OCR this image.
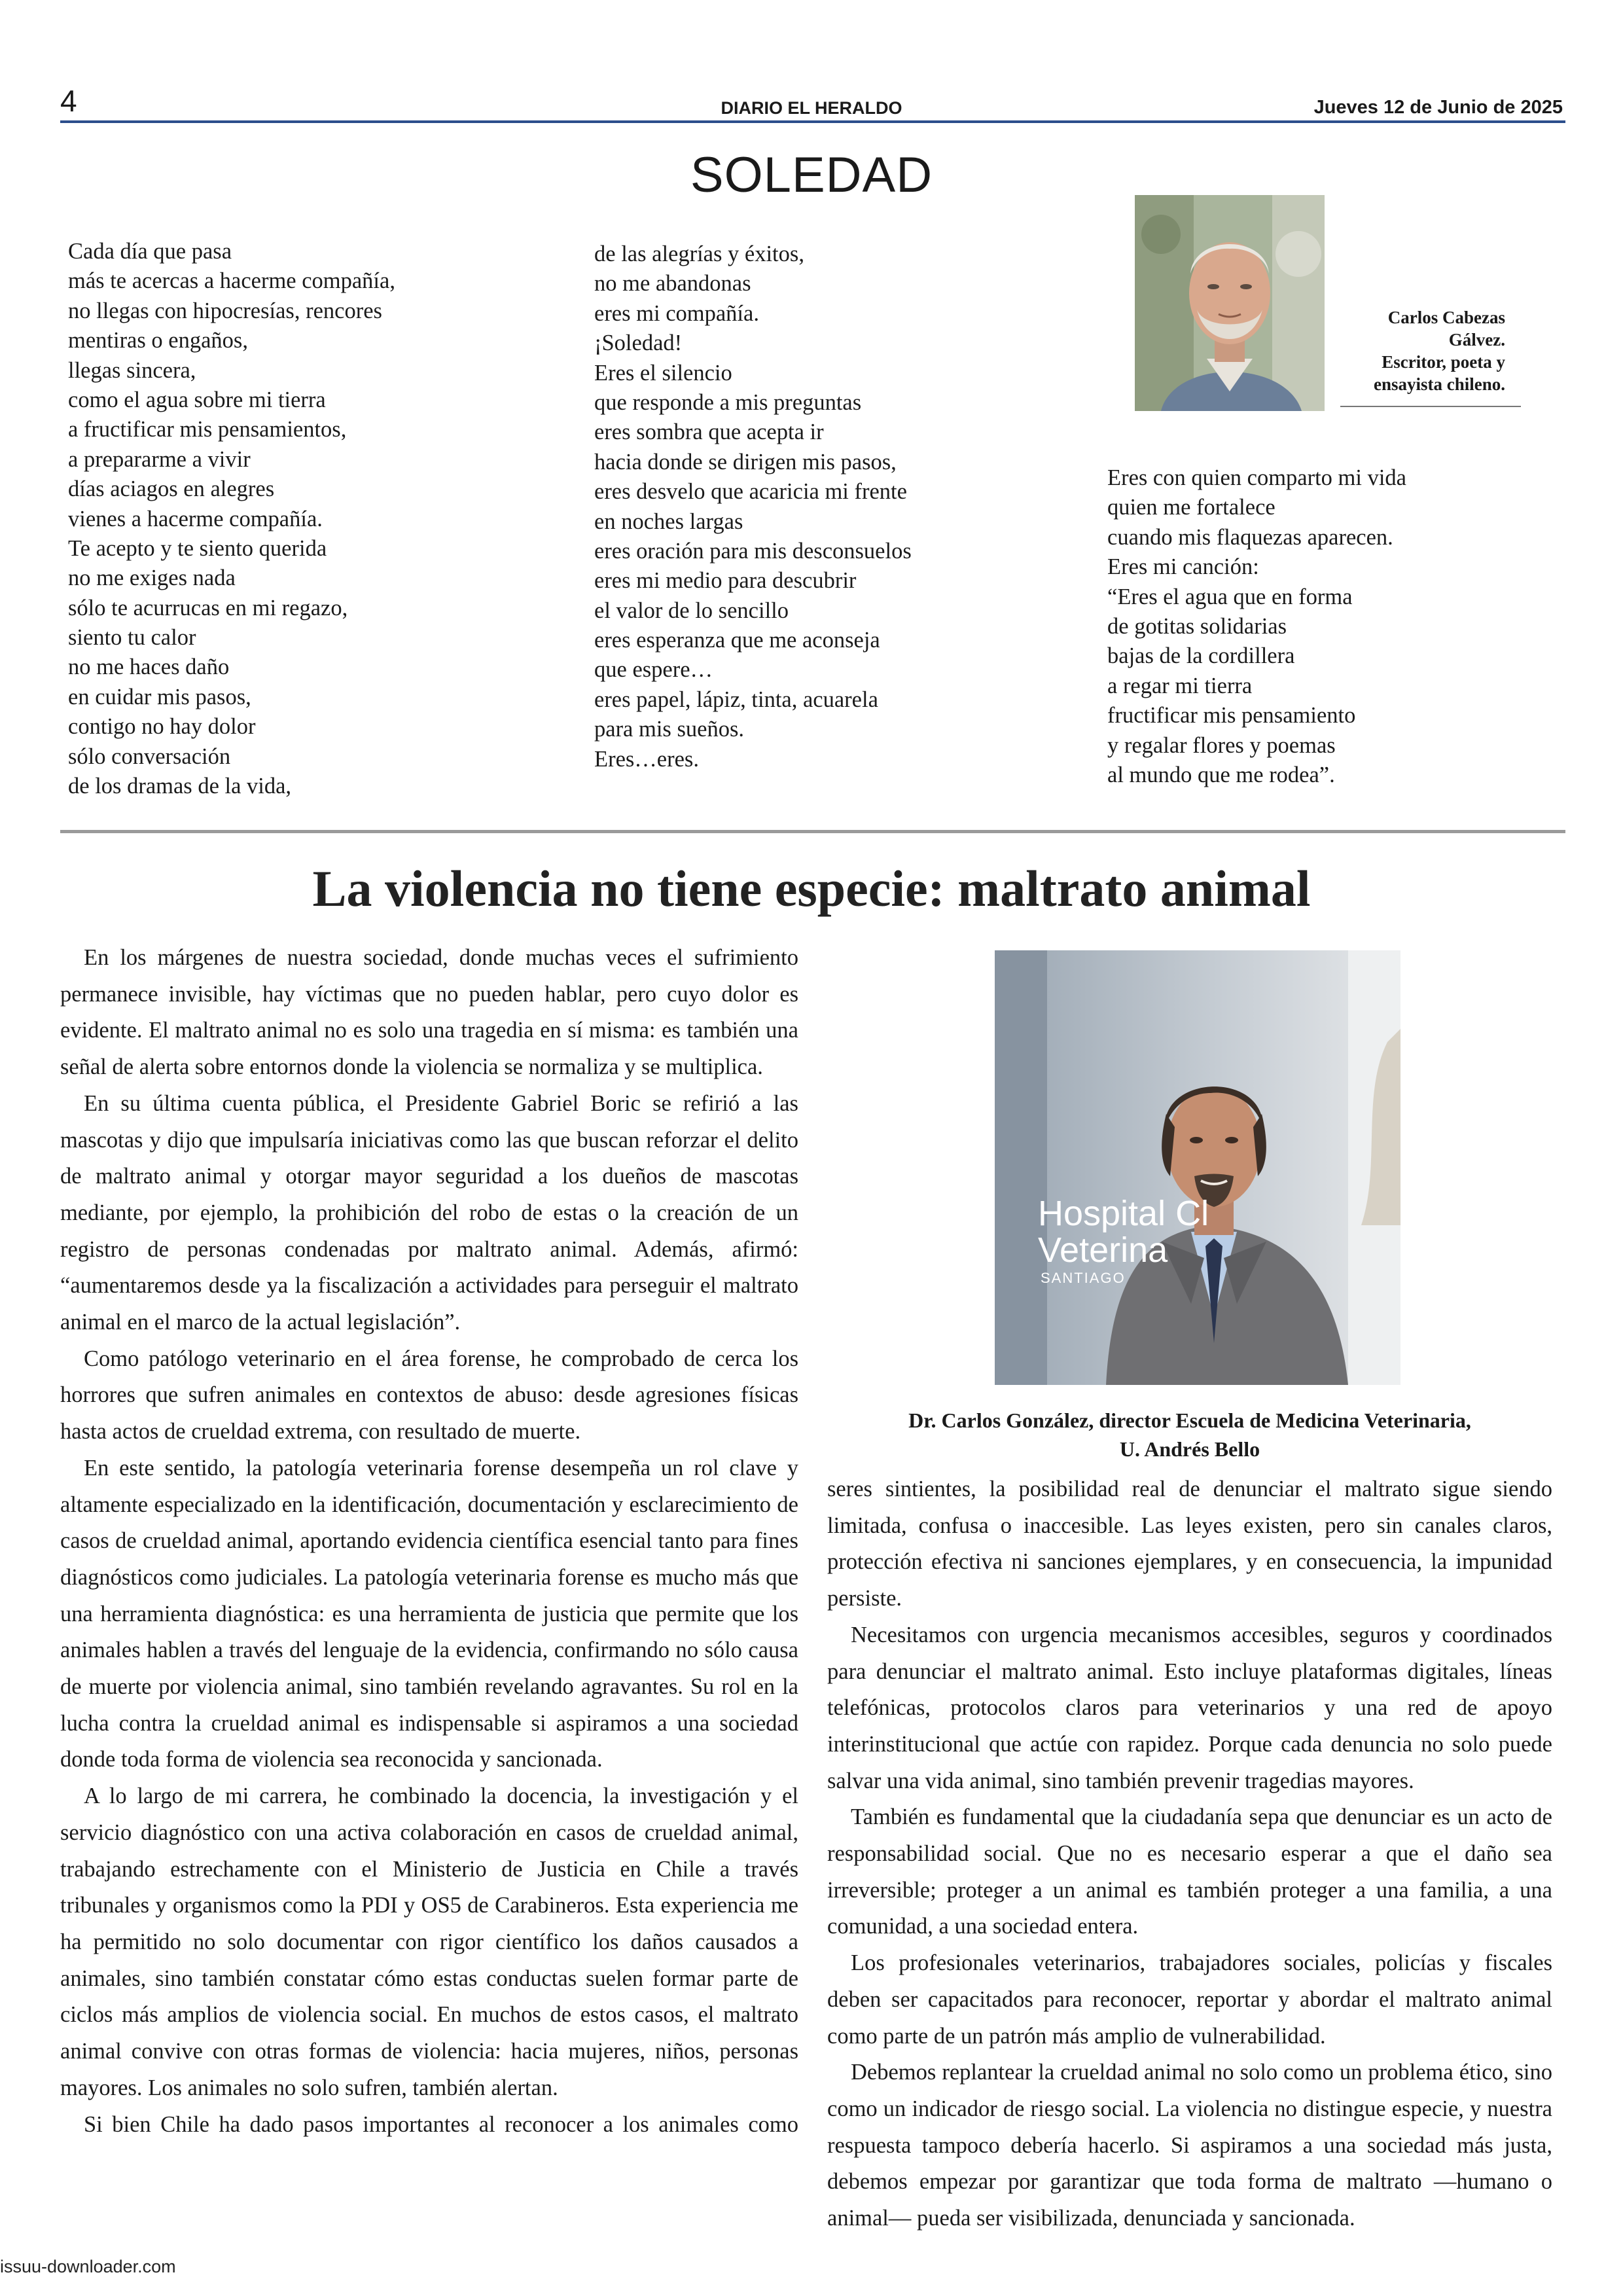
4	DIARIO EL HERALDO	Jueves 12 de Junio de 2025
SOLEDAD
Cada día que pasa
más te acercas a hacerme compañía,
no llegas con hipocresías, rencores
mentiras o engaños,
llegas sincera,
como el agua sobre mi tierra
a fructificar mis pensamientos,
a prepararme a vivir
días aciagos en alegres
vienes a hacerme compañía.
Te acepto y te siento querida
no me exiges nada
sólo te acurrucas en mi regazo,
siento tu calor
no me haces daño
en cuidar mis pasos,
contigo no hay dolor
sólo conversación
de los dramas de la vida,
de las alegrías y éxitos,
no me abandonas
eres mi compañía.
¡Soledad!
Eres el silencio
que responde a mis preguntas
eres sombra que acepta ir
hacia donde se dirigen mis pasos,
eres desvelo que acaricia mi frente
en noches largas
eres oración para mis desconsuelos
eres mi medio para descubrir
el valor de lo sencillo
eres esperanza que me aconseja
que espere…
eres papel, lápiz, tinta, acuarela
para mis sueños.
Eres…eres.
Carlos Cabezas
Gálvez.
Escritor, poeta y
ensayista chileno.
Eres con quien comparto mi vida
quien me fortalece
cuando mis flaquezas aparecen.
Eres mi canción:
“Eres el agua que en forma
de gotitas solidarias
bajas de la cordillera
a regar mi tierra
fructificar mis pensamiento
y regalar flores y poemas
al mundo que me rodea”.
La violencia no tiene especie: maltrato animal

En los márgenes de nuestra sociedad, donde muchas veces el sufrimiento permanece invisible, hay víctimas que no pueden hablar, pero cuyo dolor es evidente. El maltrato animal no es solo una tragedia en sí misma: es también una señal de alerta sobre entornos donde la violencia se normaliza y se multiplica.

En su última cuenta pública, el Presidente Gabriel Boric se refirió a las mascotas y dijo que impulsaría iniciativas como las que buscan reforzar el delito de maltrato animal y otorgar mayor seguridad a los dueños de mascotas mediante, por ejemplo, la prohibición del robo de estas o la creación de un registro de personas condenadas por maltrato animal. Además, afirmó: “aumentaremos desde ya la fiscalización a actividades para perseguir el maltrato animal en el marco de la actual legislación”.

Como patólogo veterinario en el área forense, he comprobado de cerca los horrores que sufren animales en contextos de abuso: desde agresiones físicas hasta actos de crueldad extrema, con resultado de muerte.

En este sentido, la patología veterinaria forense desempeña un rol clave y altamente especializado en la identificación, documentación y esclarecimiento de casos de crueldad animal, aportando evidencia científica esencial tanto para fines diagnósticos como judiciales. La patología veterinaria forense es mucho más que una herramienta diagnóstica: es una herramienta de justicia que permite que los animales hablen a través del lenguaje de la evidencia, confirmando no sólo causa de muerte por violencia animal, sino también revelando agravantes. Su rol en la lucha contra la crueldad animal es indispensable si aspiramos a una sociedad donde toda forma de violencia sea reconocida y sancionada.

A lo largo de mi carrera, he combinado la docencia, la investigación y el servicio diagnóstico con una activa colaboración en casos de crueldad animal, trabajando estrechamente con el Ministerio de Justicia en Chile a través tribunales y organismos como la PDI y OS5 de Carabineros. Esta experiencia me ha permitido no solo documentar con rigor científico los daños causados a animales, sino también constatar cómo estas conductas suelen formar parte de ciclos más amplios de violencia social. En muchos de estos casos, el maltrato animal convive con otras formas de violencia: hacia mujeres, niños, personas mayores. Los animales no solo sufren, también alertan.

Si bien Chile ha dado pasos importantes al reconocer a los animales como

Hospital Cl
Veterina
SANTIAGO
Dr. Carlos González, director Escuela de Medicina Veterinaria,
U. Andrés Bello

seres sintientes, la posibilidad real de denunciar el maltrato sigue siendo limitada, confusa o inaccesible. Las leyes existen, pero sin canales claros, protección efectiva ni sanciones ejemplares, y en consecuencia, la impunidad persiste.

Necesitamos con urgencia mecanismos accesibles, seguros y coordinados para denunciar el maltrato animal. Esto incluye plataformas digitales, líneas telefónicas, protocolos claros para veterinarios y una red de apoyo interinstitucional que actúe con rapidez. Porque cada denuncia no solo puede salvar una vida animal, sino también prevenir tragedias mayores.

También es fundamental que la ciudadanía sepa que denunciar es un acto de responsabilidad social. Que no es necesario esperar a que el daño sea irreversible; proteger a un animal es también proteger a una familia, a una comunidad, a una sociedad entera.

Los profesionales veterinarios, trabajadores sociales, policías y fiscales deben ser capacitados para reconocer, reportar y abordar el maltrato animal como parte de un patrón más amplio de vulnerabilidad.

Debemos replantear la crueldad animal no solo como un problema ético, sino como un indicador de riesgo social. La violencia no distingue especie, y nuestra respuesta tampoco debería hacerlo. Si aspiramos a una sociedad más justa, debemos empezar por garantizar que toda forma de maltrato —humano o animal— pueda ser visibilizada, denunciada y sancionada.

issuu-downloader.com
